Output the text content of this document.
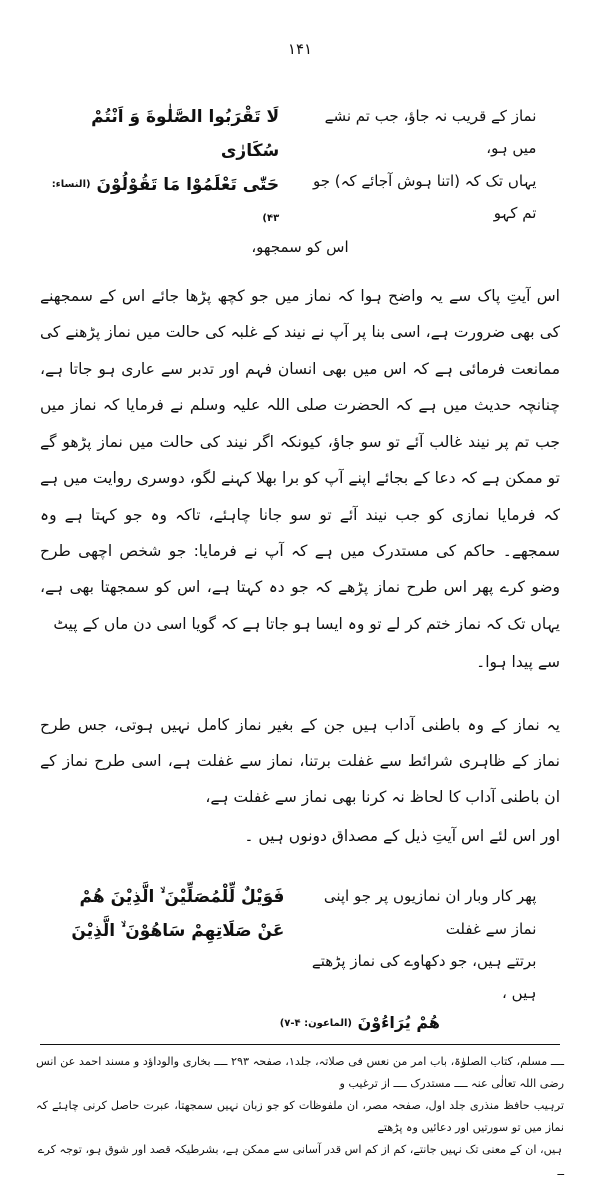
۱۴۱
لَا تَقْرَبُوا الصَّلٰوةَ وَ اَنْتُمْ سُكَارٰى
حَتّٰى تَعْلَمُوْا مَا تَقُوْلُوْنَ (النساء: ۴۳)
نماز کے قریب نہ جاؤ، جب تم نشے میں ہو،
یہاں تک کہ (اتنا ہوش آجائے کہ) جو تم کہو
اس کو سمجھو،
اس آیتِ پاک سے یہ واضح ہوا کہ نماز میں جو کچھ پڑھا جائے اس کے سمجھنے کی بھی ضرورت ہے، اسی بنا پر آپ نے نیند کے غلبہ کی حالت میں نماز پڑھنے کی ممانعت فرمائی ہے کہ اس میں بھی انسان فہم اور تدبر سے عاری ہو جاتا ہے، چنانچہ حدیث میں ہے کہ الحضرت صلی اللہ علیہ وسلم نے فرمایا کہ نماز میں جب تم پر نیند غالب آئے تو سو جاؤ، کیونکہ اگر نیند کی حالت میں نماز پڑھو گے تو ممکن ہے کہ دعا کے بجائے اپنے آپ کو برا بھلا کہنے لگو، دوسری روایت میں ہے کہ فرمایا نمازی کو جب نیند آئے تو سو جانا چاہئے، تاکہ وہ جو کہتا ہے وہ سمجھے۔ حاکم کی مستدرک میں ہے کہ آپ نے فرمایا: جو شخص اچھی طرح وضو کرے پھر اس طرح نماز پڑھے کہ جو دہ کہتا ہے، اس کو سمجھتا بھی ہے، یہاں تک کہ نماز ختم کر لے تو وہ ایسا ہو جاتا ہے کہ گویا اسی دن ماں کے پیٹ
سے پیدا ہوا۔
یہ نماز کے وہ باطنی آداب ہیں جن کے بغیر نماز کامل نہیں ہوتی، جس طرح نماز کے ظاہری شرائط سے غفلت برتنا، نماز سے غفلت ہے، اسی طرح نماز کے ان باطنی آداب کا لحاظ نہ کرنا بھی نماز سے غفلت ہے،
اور اس لئے اس آیتِ ذیل کے مصداق دونوں ہیں ۔
فَوَيْلٌ لِّلْمُصَلِّيْنَ ۙ الَّذِيْنَ هُمْ
عَنْ صَلَاتِهِمْ سَاهُوْنَ ۙ الَّذِيْنَ
پھر کار وبار ان نمازیوں پر جو اپنی نماز سے غفلت
برتتے ہیں، جو دکھاوے کی نماز پڑھتے ہیں ،
هُمْ يُرَاءُوْنَ (الماعون: ۴-۷)
ــــ مسلم، کتاب الصلوٰۃ، باب امر من نعس فی صلاتہ، جلد۱، صفحہ ۲۹۳ ــــ بخاری والوداؤد و مسند احمد عن انس رضی اللہ تعالٰی عنہ ــــ مستدرک ــــ از ترغیب و
ترہیب حافظ منذری جلد اول، صفحہ مصر، ان ملفوظات کو جو زبان نہیں سمجھتا، عبرت حاصل کرنی چاہئے کہ نماز میں تو سورتیں اور دعائیں وہ پڑھتے
ہیں، ان کے معنی تک نہیں جانتے، کم از کم اس قدر آسانی سے ممکن ہے، بشرطیکہ قصد اور شوق ہو، توجہ کرے ــ
